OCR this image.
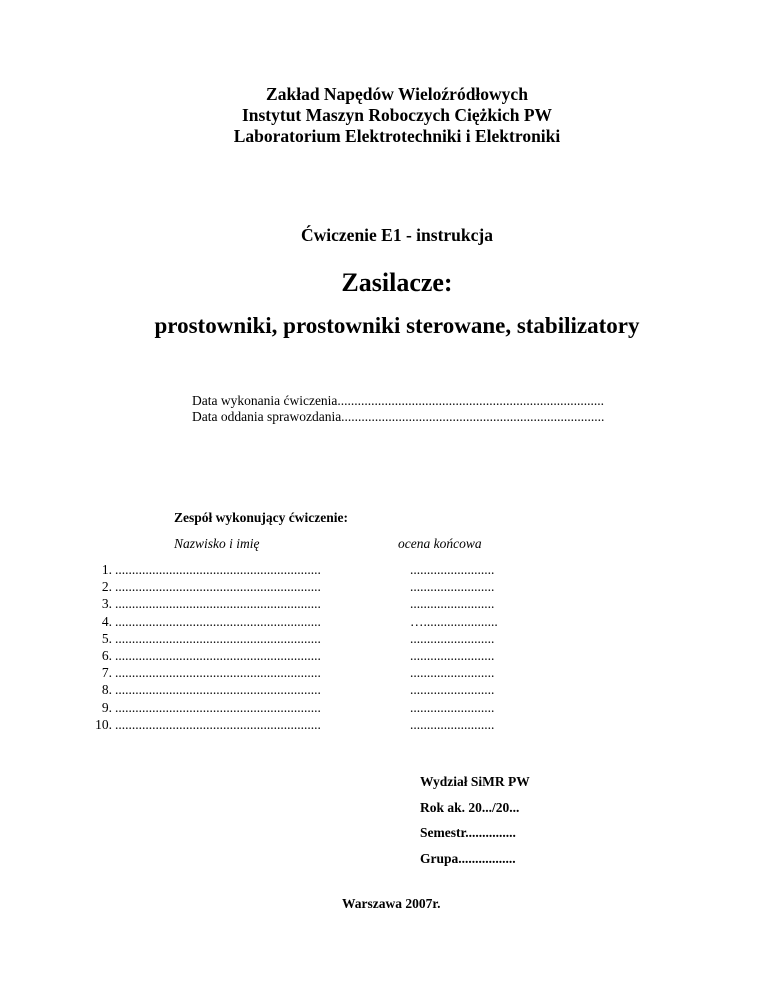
Zakład Napędów Wieloźródłowych
Instytut Maszyn Roboczych Ciężkich PW
Laboratorium Elektrotechniki i Elektroniki
Ćwiczenie E1 - instrukcja
Zasilacze:
prostowniki, prostowniki sterowane, stabilizatory
Data wykonania ćwiczenia...............................................................................
Data oddania sprawozdania..............................................................................
Zespół wykonujący ćwiczenie:
Nazwisko i imię	ocena końcowa
1. .............................................................	.........................
2. .............................................................	.........................
3. .............................................................	.........................
4. .............................................................	…......................
5. .............................................................	.........................
6. .............................................................	.........................
7. .............................................................	.........................
8. .............................................................	.........................
9. .............................................................	.........................
10. .............................................................	.........................
Wydział SiMR PW
Rok ak. 20.../20...
Semestr...............
Grupa.................
Warszawa 2007r.
